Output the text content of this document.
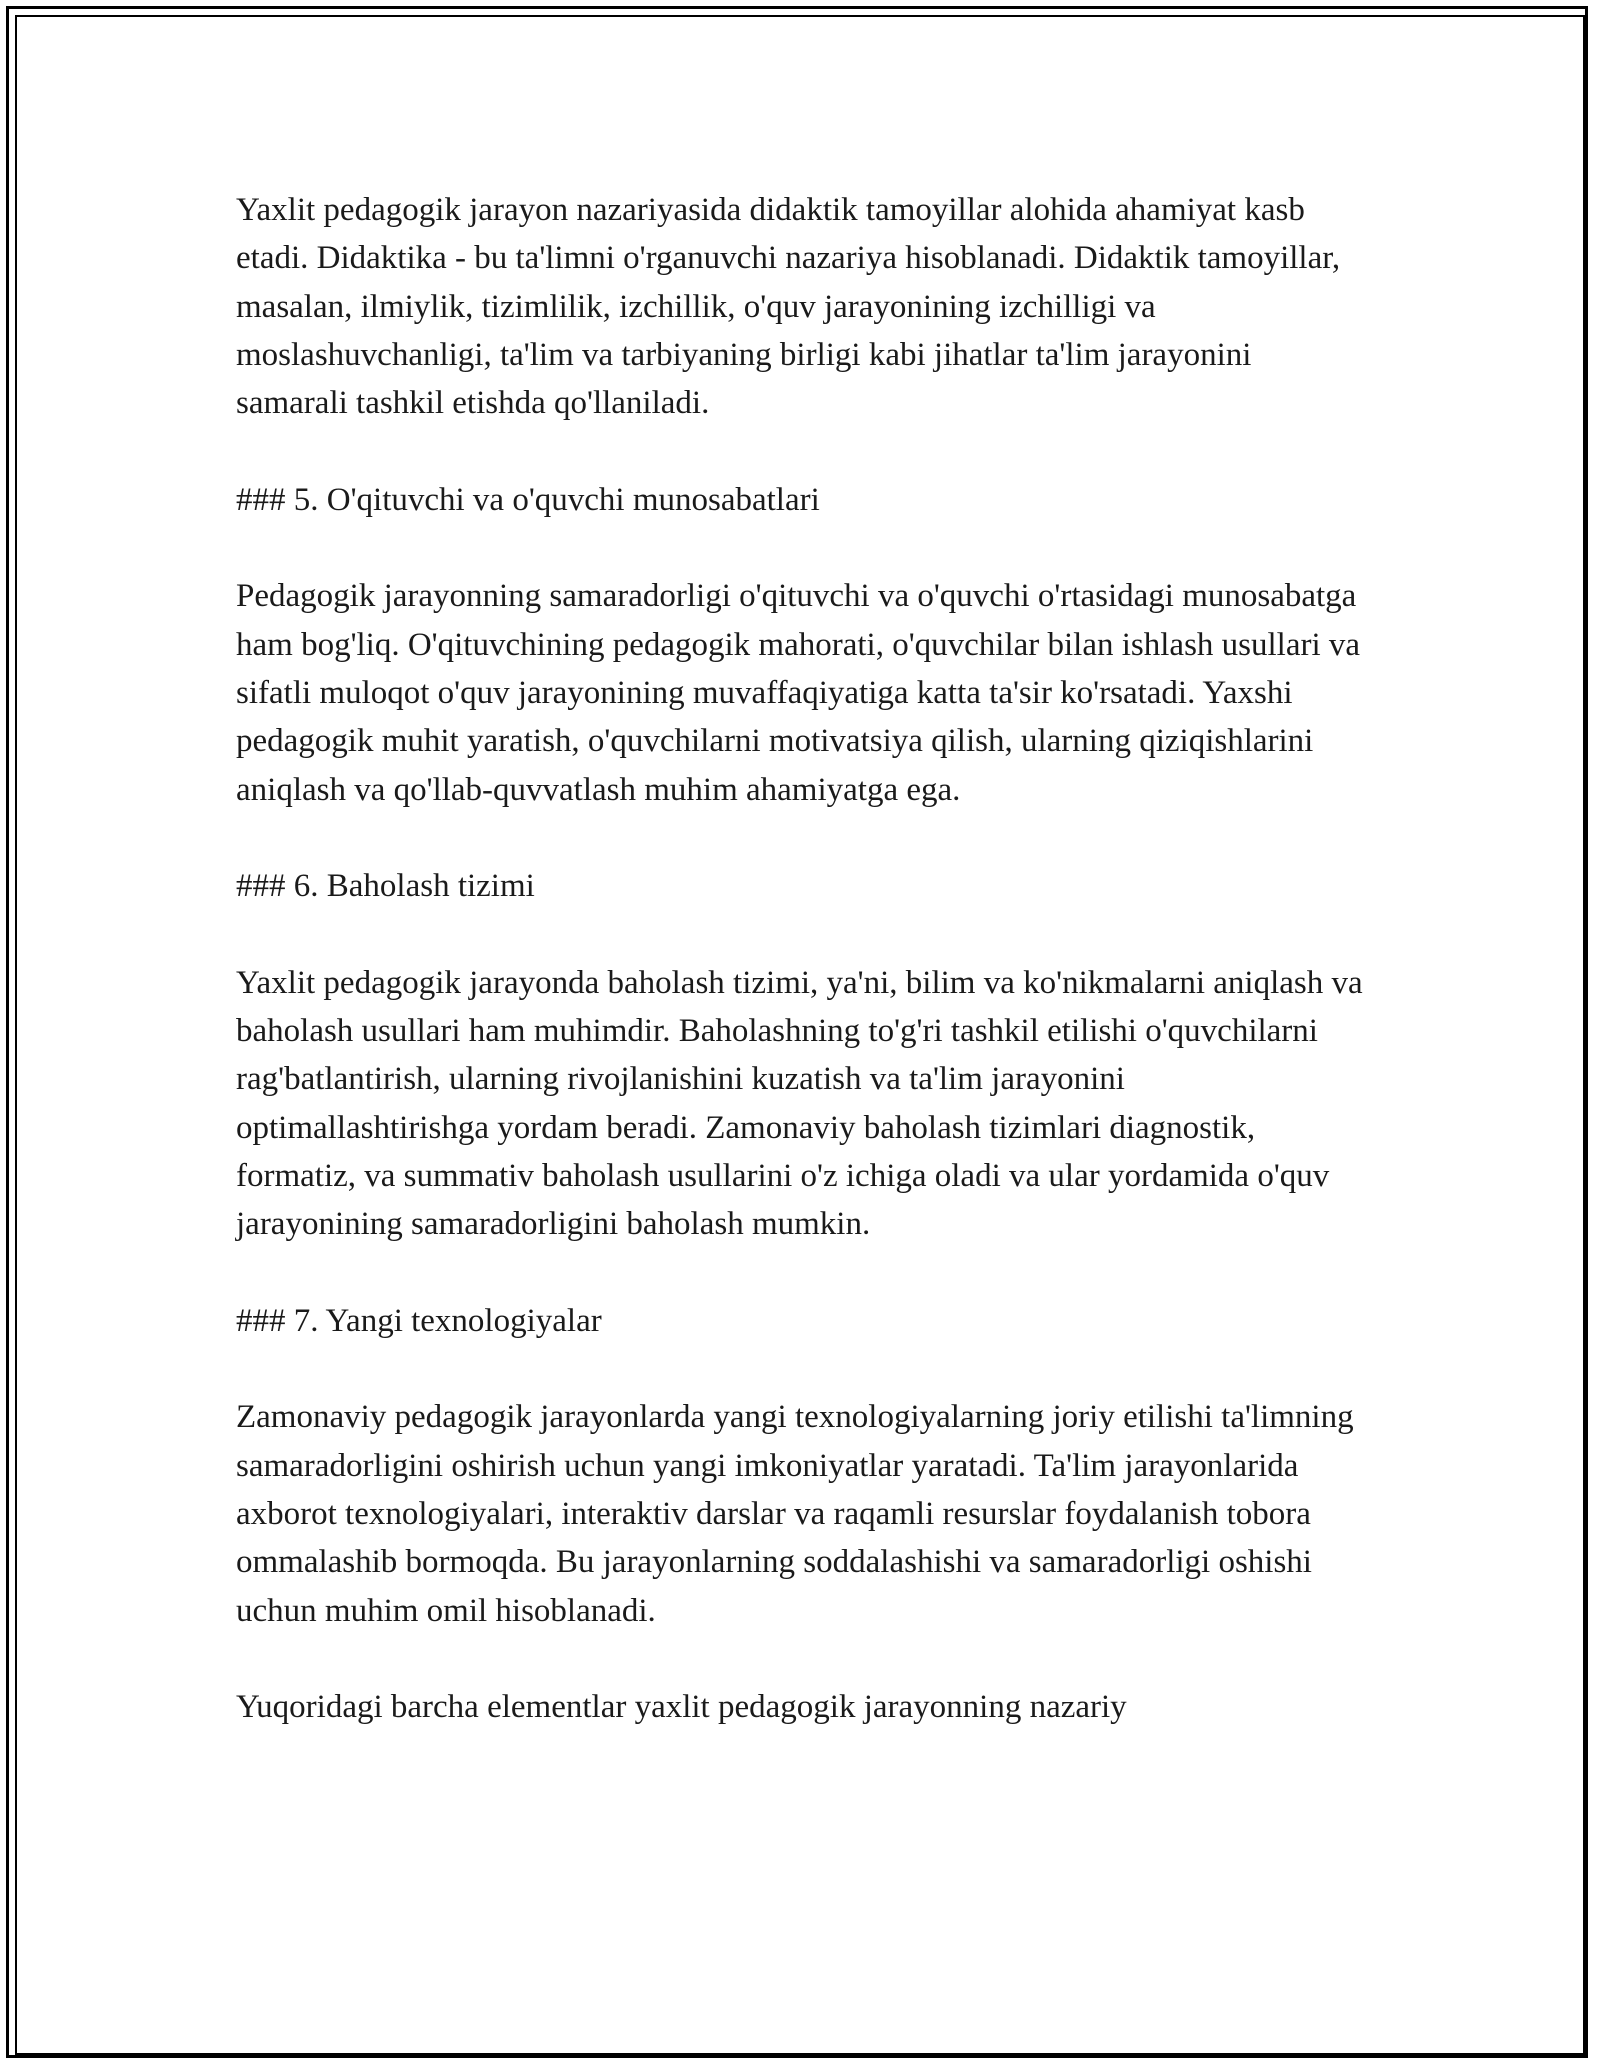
Yaxlit pedagogik jarayon nazariyasida didaktik tamoyillar alohida ahamiyat kasb etadi. Didaktika - bu ta'limni o'rganuvchi nazariya hisoblanadi. Didaktik tamoyillar, masalan, ilmiylik, tizimlilik, izchillik, o'quv jarayonining izchilligi va moslashuvchanligi, ta'lim va tarbiyaning birligi kabi jihatlar ta'lim jarayonini samarali tashkil etishda qo'llaniladi.

### 5. O'qituvchi va o'quvchi munosabatlari

Pedagogik jarayonning samaradorligi o'qituvchi va o'quvchi o'rtasidagi munosabatga ham bog'liq. O'qituvchining pedagogik mahorati, o'quvchilar bilan ishlash usullari va sifatli muloqot o'quv jarayonining muvaffaqiyatiga katta ta'sir ko'rsatadi. Yaxshi pedagogik muhit yaratish, o'quvchilarni motivatsiya qilish, ularning qiziqishlarini aniqlash va qo'llab-quvvatlash muhim ahamiyatga ega.

### 6. Baholash tizimi

Yaxlit pedagogik jarayonda baholash tizimi, ya'ni, bilim va ko'nikmalarni aniqlash va baholash usullari ham muhimdir. Baholashning to'g'ri tashkil etilishi o'quvchilarni rag'batlantirish, ularning rivojlanishini kuzatish va ta'lim jarayonini optimallashtirishga yordam beradi. Zamonaviy baholash tizimlari diagnostik, formatiz, va summativ baholash usullarini o'z ichiga oladi va ular yordamida o'quv jarayonining samaradorligini baholash mumkin.

### 7. Yangi texnologiyalar

Zamonaviy pedagogik jarayonlarda yangi texnologiyalarning joriy etilishi ta'limning samaradorligini oshirish uchun yangi imkoniyatlar yaratadi. Ta'lim jarayonlarida axborot texnologiyalari, interaktiv darslar va raqamli resurslar foydalanish tobora ommalashib bormoqda. Bu jarayonlarning soddalashishi va samaradorligi oshishi uchun muhim omil hisoblanadi.

Yuqoridagi barcha elementlar yaxlit pedagogik jarayonning nazariy
